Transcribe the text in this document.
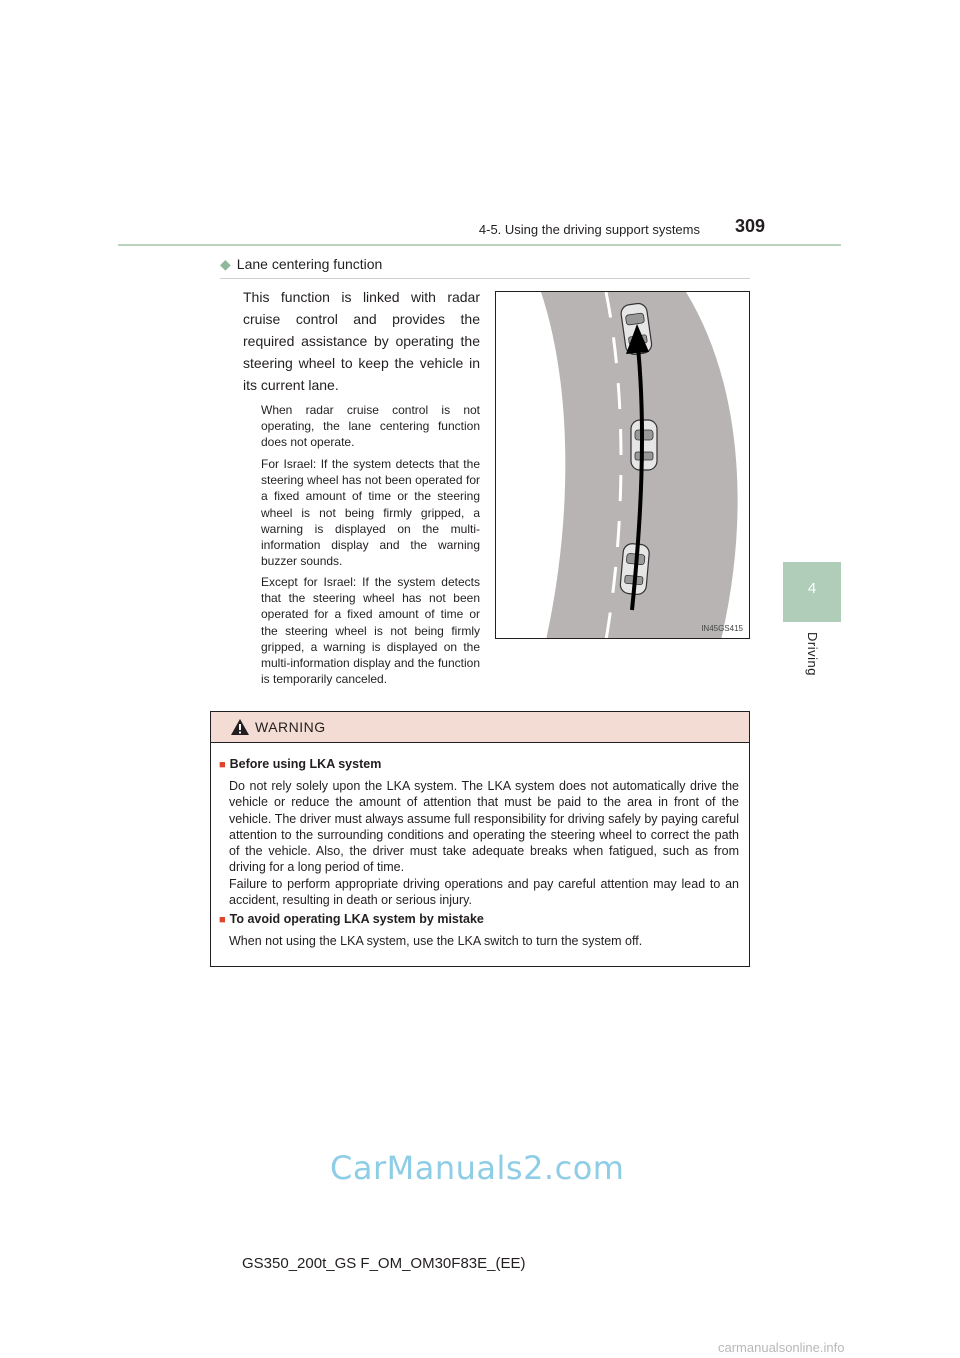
4-5. Using the driving support systems 309
4
Driving
◆ Lane centering function
This function is linked with radar cruise control and provides the required assistance by operating the steering wheel to keep the vehicle in its current lane.
When radar cruise control is not operating, the lane centering function does not operate.
For Israel: If the system detects that the steering wheel has not been operated for a fixed amount of time or the steering wheel is not being firmly gripped, a warning is displayed on the multi-information display and the warning buzzer sounds.
Except for Israel: If the system detects that the steering wheel has not been operated for a fixed amount of time or the steering wheel is not being firmly gripped, a warning is displayed on the multi-information display and the function is temporarily canceled.
IN45GS415
WARNING
■ Before using LKA system

Do not rely solely upon the LKA system. The LKA system does not automatically drive the vehicle or reduce the amount of attention that must be paid to the area in front of the vehicle. The driver must always assume full responsibility for driving safely by paying careful attention to the surrounding conditions and operating the steering wheel to correct the path of the vehicle. Also, the driver must take adequate breaks when fatigued, such as from driving for a long period of time.

Failure to perform appropriate driving operations and pay careful attention may lead to an accident, resulting in death or serious injury.

■ To avoid operating LKA system by mistake

When not using the LKA system, use the LKA switch to turn the system off.

CarManuals2.com
GS350_200t_GS F_OM_OM30F83E_(EE)
carmanualsonline.info
